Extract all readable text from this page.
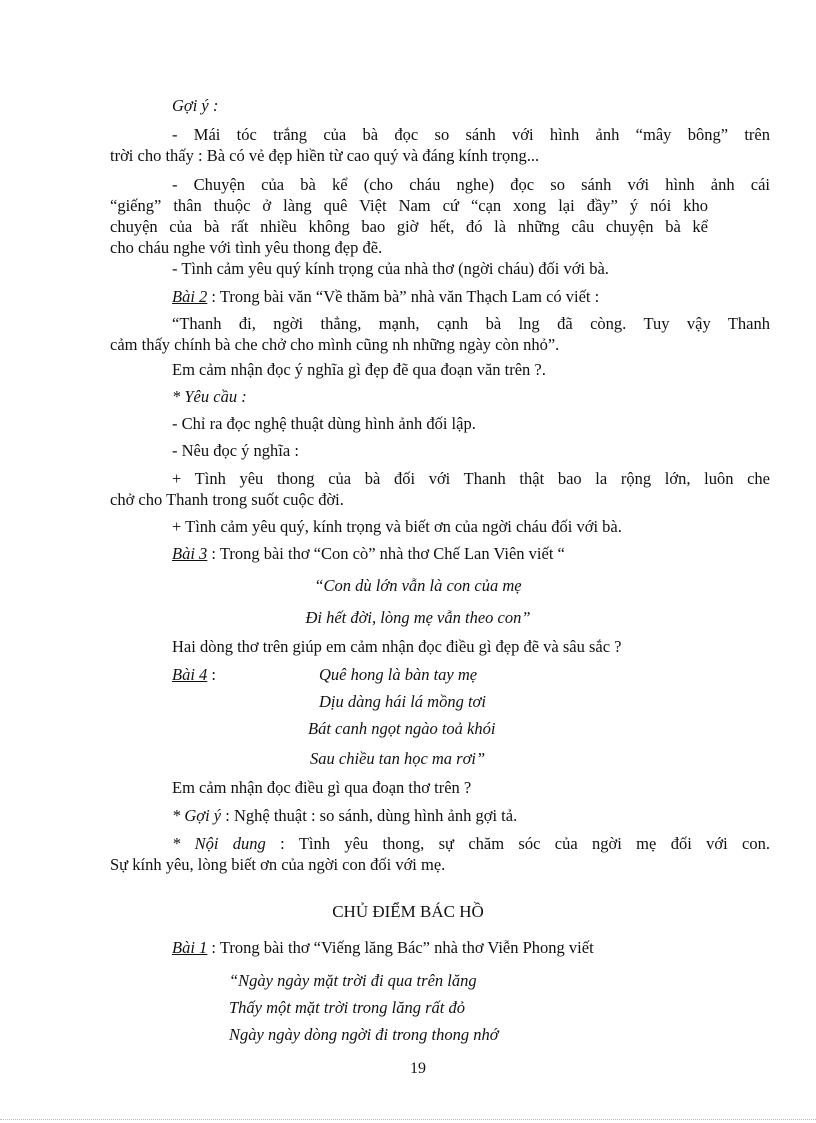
Gợi ý :
- Mái tóc trắng của bà đọc so sánh với hình ảnh “mây bông” trên
trời cho thấy : Bà có vẻ đẹp hiền từ cao quý và đáng kính trọng...
- Chuyện của bà kể (cho cháu nghe) đọc so sánh với hình ảnh cái
“giếng” thân thuộc ở làng quê Việt Nam cứ “cạn xong lại đầy” ý nói kho
chuyện của bà rất nhiều không bao giờ hết, đó là những câu chuyện bà kể
cho cháu nghe với tình yêu thong đẹp đẽ.
- Tình cảm yêu quý kính trọng của nhà thơ (ngời cháu) đối với bà.
Bài 2 : Trong bài văn “Về thăm bà” nhà văn Thạch Lam có viết :
“Thanh đi, ngời thẳng, mạnh, cạnh bà lng đã còng. Tuy vậy Thanh
cảm thấy chính bà che chở cho mình cũng nh những ngày còn nhỏ”.
Em cảm nhận đọc ý nghĩa gì đẹp đẽ qua đoạn văn trên ?.
* Yêu cầu :
- Chỉ ra đọc nghệ thuật dùng hình ảnh đối lập.
- Nêu đọc ý nghĩa :
+ Tình yêu thong của bà đối với Thanh thật bao la rộng lớn, luôn che
chở cho Thanh trong suốt cuộc đời.
+ Tình cảm yêu quý, kính trọng và biết ơn của ngời cháu đối với bà.
Bài 3 : Trong bài thơ “Con cò” nhà thơ Chế Lan Viên viết “
“Con dù lớn vẫn là con của mẹ
Đi hết đời, lòng mẹ vẫn theo con”
Hai dòng thơ trên giúp em cảm nhận đọc điều gì đẹp đẽ và sâu sắc ?
Bài 4 :	Quê hong là bàn tay mẹ
Dịu dàng hái lá mồng tơi
Bát canh ngọt ngào toả khói
Sau chiều tan học ma rơi”
Em cảm nhận đọc điều gì qua đoạn thơ trên ?
* Gợi ý : Nghệ thuật : so sánh, dùng hình ảnh gợi tả.
* Nội dung : Tình yêu thong, sự chăm sóc của ngời mẹ đối với con.
Sự kính yêu, lòng biết ơn của ngời con đối với mẹ.
CHỦ ĐIỂM BÁC HỒ
Bài 1 : Trong bài thơ “Viếng lăng Bác” nhà thơ Viễn Phong viết
“Ngày ngày mặt trời đi qua trên lăng
Thấy một mặt trời trong lăng rất đỏ
Ngày ngày dòng ngời đi trong thong nhớ
19
